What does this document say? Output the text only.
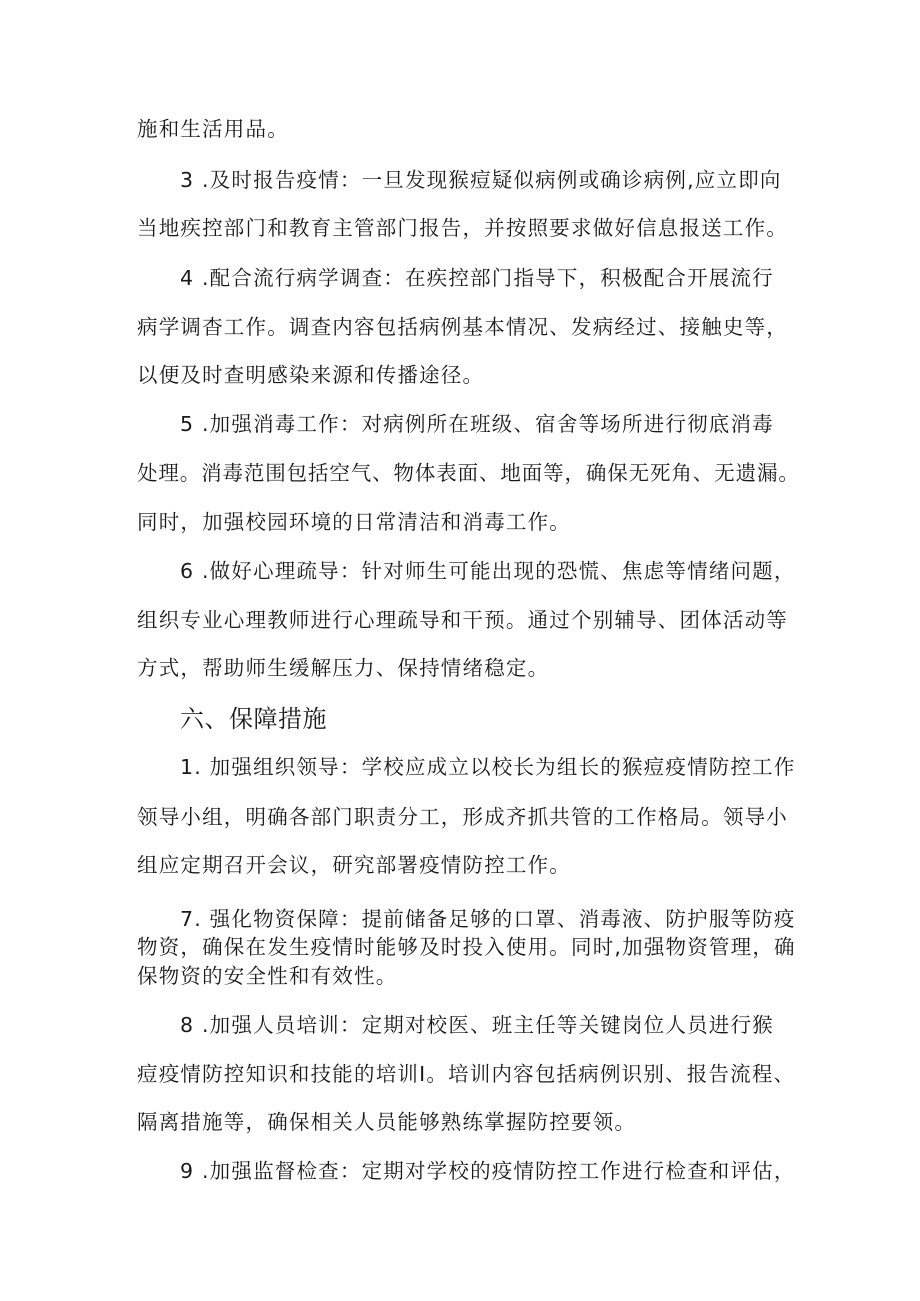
施和生活用品。
3 .及时报告疫情：一旦发现猴痘疑似病例或确诊病例,应立即向
当地疾控部门和教育主管部门报告，并按照要求做好信息报送工作。
4 .配合流行病学调查：在疾控部门指导下，积极配合开展流行
病学调杳工作。调查内容包括病例基本情况、发病经过、接触史等，
以便及时查明感染来源和传播途径。
5 .加强消毒工作：对病例所在班级、宿舍等场所进行彻底消毒
处理。消毒范围包括空气、物体表面、地面等，确保无死角、无遗漏。
同时，加强校园环境的日常清洁和消毒工作。
6 .做好心理疏导：针对师生可能出现的恐慌、焦虑等情绪问题，
组织专业心理教师进行心理疏导和干预。通过个别辅导、团体活动等
方式，帮助师生缓解压力、保持情绪稳定。
六、保障措施
1. 加强组织领导：学校应成立以校长为组长的猴痘疫情防控工作
领导小组，明确各部门职责分工，形成齐抓共管的工作格局。领导小
组应定期召开会议，研究部署疫情防控工作。
7. 强化物资保障：提前储备足够的口罩、消毒液、防护服等防疫
物资，确保在发生疫情时能够及时投入使用。同时,加强物资管理，确
保物资的安全性和有效性。
8 .加强人员培训：定期对校医、班主任等关键岗位人员进行猴
痘疫情防控知识和技能的培训I。培训内容包括病例识别、报告流程、
隔离措施等，确保相关人员能够熟练掌握防控要领。
9 .加强监督检查：定期对学校的疫情防控工作进行检查和评估，
